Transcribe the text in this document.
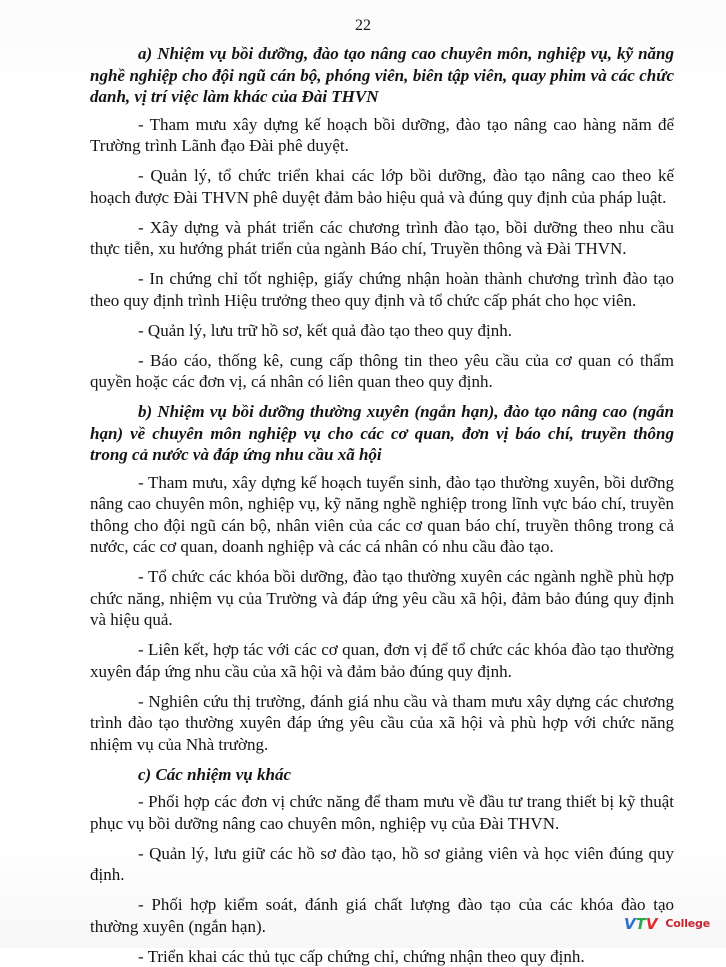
22

a) Nhiệm vụ bồi dưỡng, đào tạo nâng cao chuyên môn, nghiệp vụ, kỹ năng nghề nghiệp cho đội ngũ cán bộ, phóng viên, biên tập viên, quay phim và các chức danh, vị trí việc làm khác của Đài THVN

- Tham mưu xây dựng kế hoạch bồi dưỡng, đào tạo nâng cao hàng năm để Trường trình Lãnh đạo Đài phê duyệt.

- Quản lý, tổ chức triển khai các lớp bồi dưỡng, đào tạo nâng cao theo kế hoạch được Đài THVN phê duyệt đảm bảo hiệu quả và đúng quy định của pháp luật.

- Xây dựng và phát triển các chương trình đào tạo, bồi dưỡng theo nhu cầu thực tiễn, xu hướng phát triển của ngành Báo chí, Truyền thông và Đài THVN.

- In chứng chỉ tốt nghiệp, giấy chứng nhận hoàn thành chương trình đào tạo theo quy định trình Hiệu trưởng theo quy định và tổ chức cấp phát cho học viên.

- Quản lý, lưu trữ hồ sơ, kết quả đào tạo theo quy định.

- Báo cáo, thống kê, cung cấp thông tin theo yêu cầu của cơ quan có thẩm quyền hoặc các đơn vị, cá nhân có liên quan theo quy định.

b) Nhiệm vụ bồi dưỡng thường xuyên (ngắn hạn), đào tạo nâng cao (ngắn hạn) về chuyên môn nghiệp vụ cho các cơ quan, đơn vị báo chí, truyền thông trong cả nước và đáp ứng nhu cầu xã hội

- Tham mưu, xây dựng kế hoạch tuyển sinh, đào tạo thường xuyên, bồi dưỡng nâng cao chuyên môn, nghiệp vụ, kỹ năng nghề nghiệp trong lĩnh vực báo chí, truyền thông cho đội ngũ cán bộ, nhân viên của các cơ quan báo chí, truyền thông trong cả nước, các cơ quan, doanh nghiệp và các cá nhân có nhu cầu đào tạo.

- Tổ chức các khóa bồi dưỡng, đào tạo thường xuyên các ngành nghề phù hợp chức năng, nhiệm vụ của Trường và đáp ứng yêu cầu xã hội, đảm bảo đúng quy định và hiệu quả.

- Liên kết, hợp tác với các cơ quan, đơn vị để tổ chức các khóa đào tạo thường xuyên đáp ứng nhu cầu của xã hội và đảm bảo đúng quy định.

- Nghiên cứu thị trường, đánh giá nhu cầu và tham mưu xây dựng các chương trình đào tạo thường xuyên đáp ứng yêu cầu của xã hội và phù hợp với chức năng nhiệm vụ của Nhà trường.

c) Các nhiệm vụ khác

- Phối hợp các đơn vị chức năng để tham mưu về đầu tư trang thiết bị kỹ thuật phục vụ bồi dưỡng nâng cao chuyên môn, nghiệp vụ của Đài THVN.

- Quản lý, lưu giữ các hồ sơ đào tạo, hồ sơ giảng viên và học viên đúng quy định.

- Phối hợp kiểm soát, đánh giá chất lượng đào tạo của các khóa đào tạo thường xuyên (ngắn hạn).

- Triển khai các thủ tục cấp chứng chỉ, chứng nhận theo quy định.

VTV College
